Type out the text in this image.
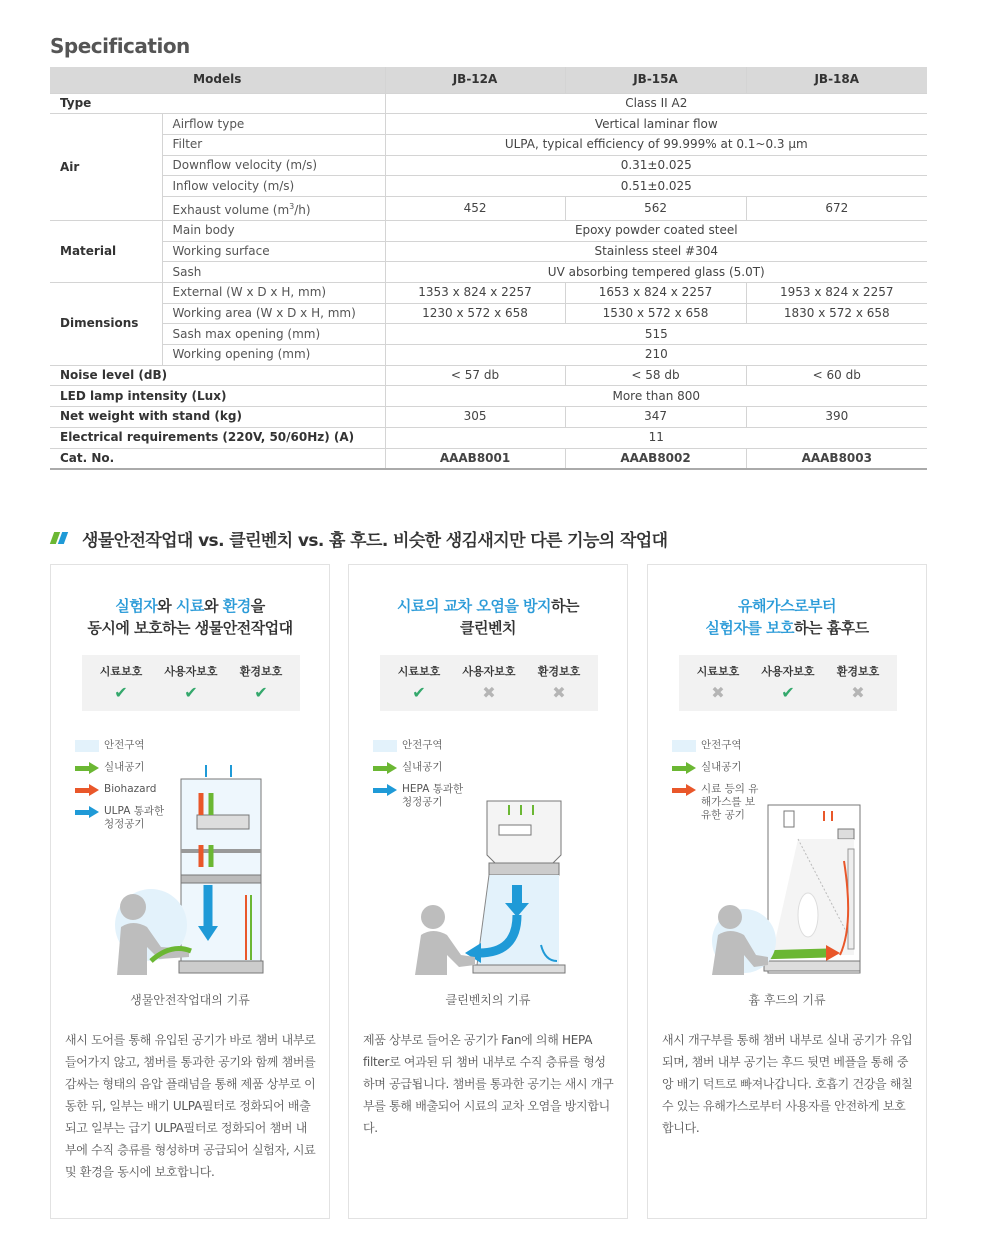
Specification
Models		JB-12A	JB-15A	JB-18A
Type		Class II A2		
Air	Airflow type	Vertical laminar flow		
	Filter	ULPA, typical efficiency of 99.999% at 0.1~0.3 μm		
	Downflow velocity (m/s)	0.31±0.025		
	Inflow velocity (m/s)	0.51±0.025		
	Exhaust volume $(m^3/h)$	452	562	672
Material	Main body	Epoxy powder coated steel		
	Working surface	Stainless steel #304		
	Sash	UV absorbing tempered glass (5.0T)		
Dimensions	External (W x D x H, mm)	1353 x 824 x 2257	1653 x 824 x 2257	1953 x 824 x 2257
	Working area (W x D x H, mm)	1230 x 572 x 658	1530 x 572 x 658	1830 x 572 x 658
	Sash max opening (mm)	515		
	Working opening (mm)	210		
Noise level (dB)		< 57 db	< 58 db	< 60 db
LED lamp intensity (Lux)		More than 800		
Net weight with stand (kg)		305	347	390
Electrical requirements (220V, 50/60Hz) (A)		11		
Cat. No.		AAAB8001	AAAB8002	AAAB8003
생물안전작업대 vs. 클린벤치 vs. 흄 후드. 비슷한 생김새지만 다른 기능의 작업대
실험자와 시료와 환경을
동시에 보호하는 생물안전작업대
시료보호
✔
사용자보호
✔
환경보호
✔
안전구역
실내공기
Biohazard
ULPA 통과한 청정공기
생물안전작업대의 기류
새시 도어를 통해 유입된 공기가 바로 챔버 내부로 들어가지 않고, 챔버를 통과한 공기와 함께 챔버를 감싸는 형태의 음압 플래넘을 통해 제품 상부로 이동한 뒤, 일부는 배기 ULPA필터로 정화되어 배출되고 일부는 급기 ULPA필터로 정화되어 챔버 내부에 수직 층류를 형성하며 공급되어 실험자, 시료 및 환경을 동시에 보호합니다.
시료의 교차 오염을 방지하는
클린벤치
시료보호
✔
사용자보호
✖
환경보호
✖
안전구역
실내공기
HEPA 통과한 청정공기
클린벤치의 기류
제품 상부로 들어온 공기가 Fan에 의해 HEPA filter로 여과된 뒤 챔버 내부로 수직 층류를 형성하며 공급됩니다. 챔버를 통과한 공기는 새시 개구부를 통해 배출되어 시료의 교차 오염을 방지합니다.
유해가스로부터
실험자를 보호하는 흄후드
시료보호
✖
사용자보호
✔
환경보호
✖
안전구역
실내공기
시료 등의 유해가스를 보유한 공기
흄 후드의 기류
새시 개구부를 통해 챔버 내부로 실내 공기가 유입되며, 챔버 내부 공기는 후드 뒷면 베플을 통해 중앙 배기 덕트로 빠져나갑니다. 호흡기 건강을 해칠 수 있는 유해가스로부터 사용자를 안전하게 보호합니다.
